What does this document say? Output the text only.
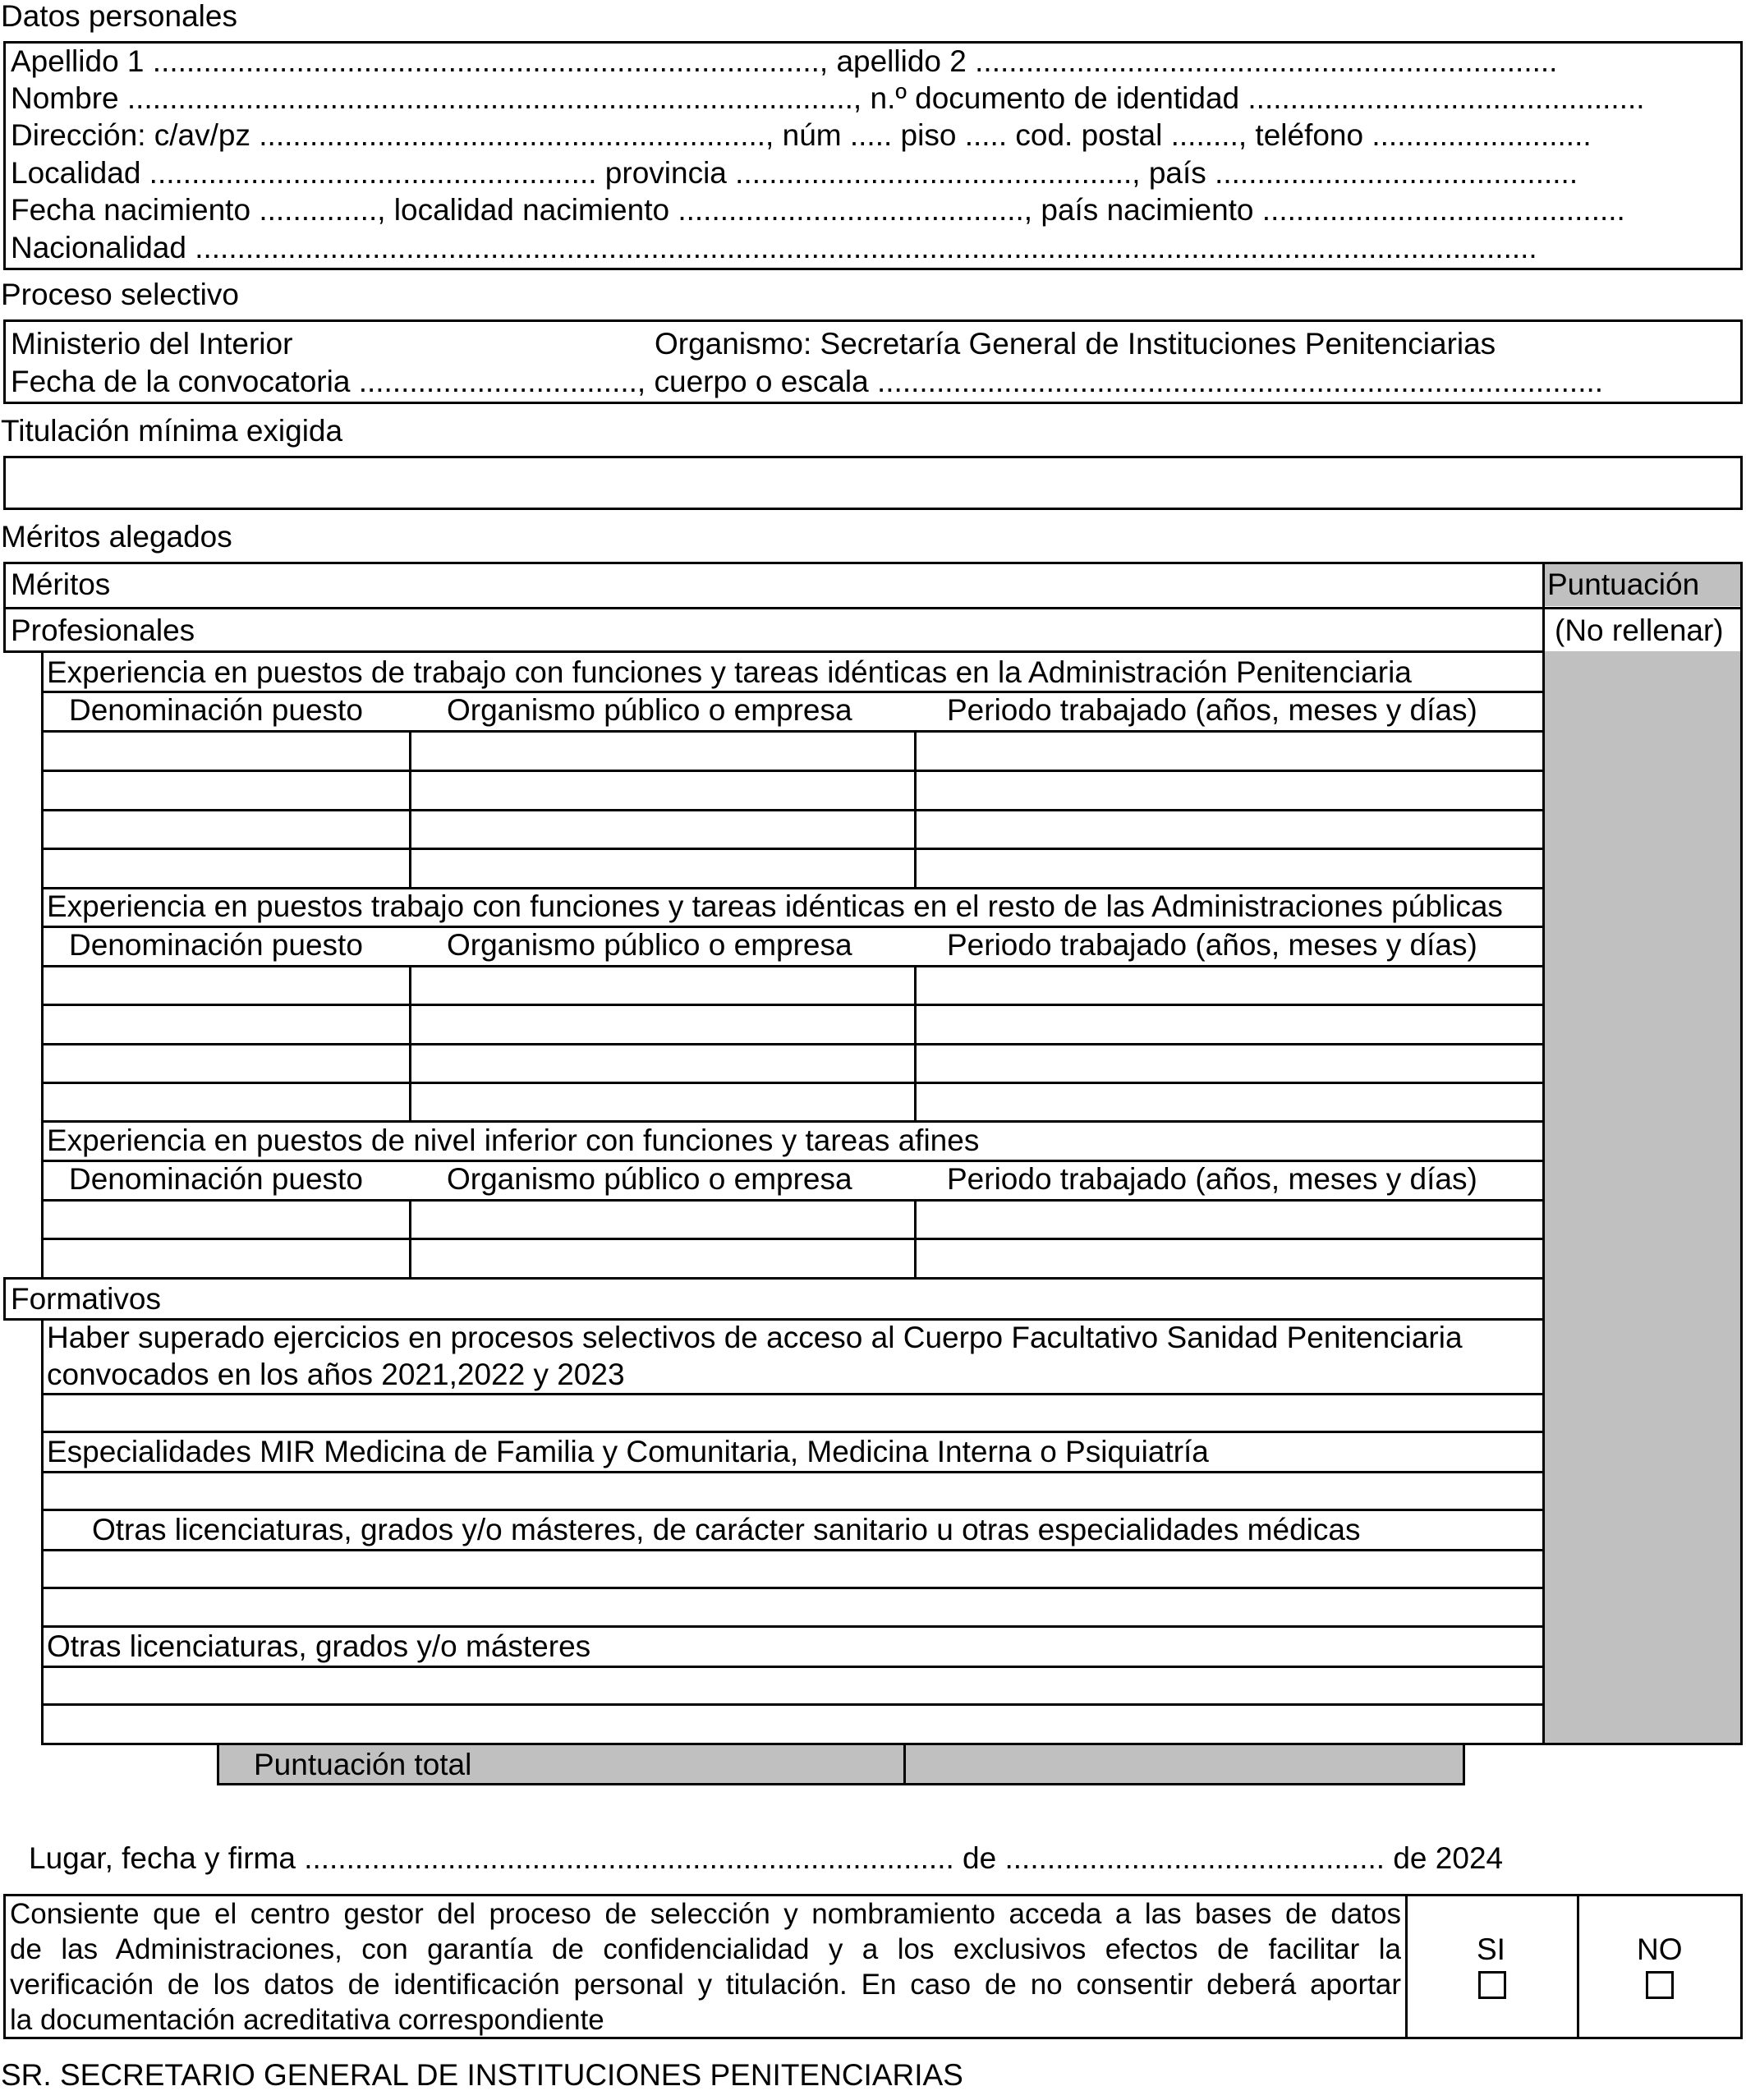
Datos personales
Apellido 1 ..............................................................................., apellido 2 .....................................................................
Nombre ......................................................................................, n.º documento de identidad ...............................................
Dirección: c/av/pz ............................................................, núm ..... piso ..... cod. postal ........, teléfono ..........................
Localidad ..................................................... provincia ..............................................., país ...........................................
Fecha nacimiento .............., localidad nacimiento ........................................., país nacimiento ...........................................
Nacionalidad ...............................................................................................................................................................
Proceso selectivo
Ministerio del Interior	Organismo: Secretaría General de Instituciones Penitenciarias
Fecha de la convocatoria ................................., cuerpo o escala ......................................................................................
Titulación mínima exigida
Méritos alegados
Méritos	Puntuación
Profesionales	(No rellenar)
Experiencia en puestos de trabajo con funciones y tareas idénticas en la Administración Penitenciaria
Denominación puesto	Organismo público o empresa	Periodo trabajado (años, meses y días)
Experiencia en puestos trabajo con funciones y tareas idénticas en el resto de las Administraciones públicas
Denominación puesto	Organismo público o empresa	Periodo trabajado (años, meses y días)
Experiencia en puestos de nivel inferior con funciones y tareas afines
Denominación puesto	Organismo público o empresa	Periodo trabajado (años, meses y días)
Formativos
Haber superado ejercicios en procesos selectivos de acceso al Cuerpo Facultativo Sanidad Penitenciaria
convocados en los años 2021,2022 y 2023
Especialidades MIR Medicina de Familia y Comunitaria, Medicina Interna o Psiquiatría
Otras licenciaturas, grados y/o másteres, de carácter sanitario u otras especialidades médicas
Otras licenciaturas, grados y/o másteres
Puntuación total
Lugar, fecha y firma ............................................................................. de ............................................. de 2024
Consiente que el centro gestor del proceso de selección y nombramiento acceda a las bases de datos
de las Administraciones, con garantía de confidencialidad y a los exclusivos efectos de facilitar la
verificación de los datos de identificación personal y titulación. En caso de no consentir deberá aportar
la documentación acreditativa correspondiente
SI	NO
SR. SECRETARIO GENERAL DE INSTITUCIONES PENITENCIARIAS
